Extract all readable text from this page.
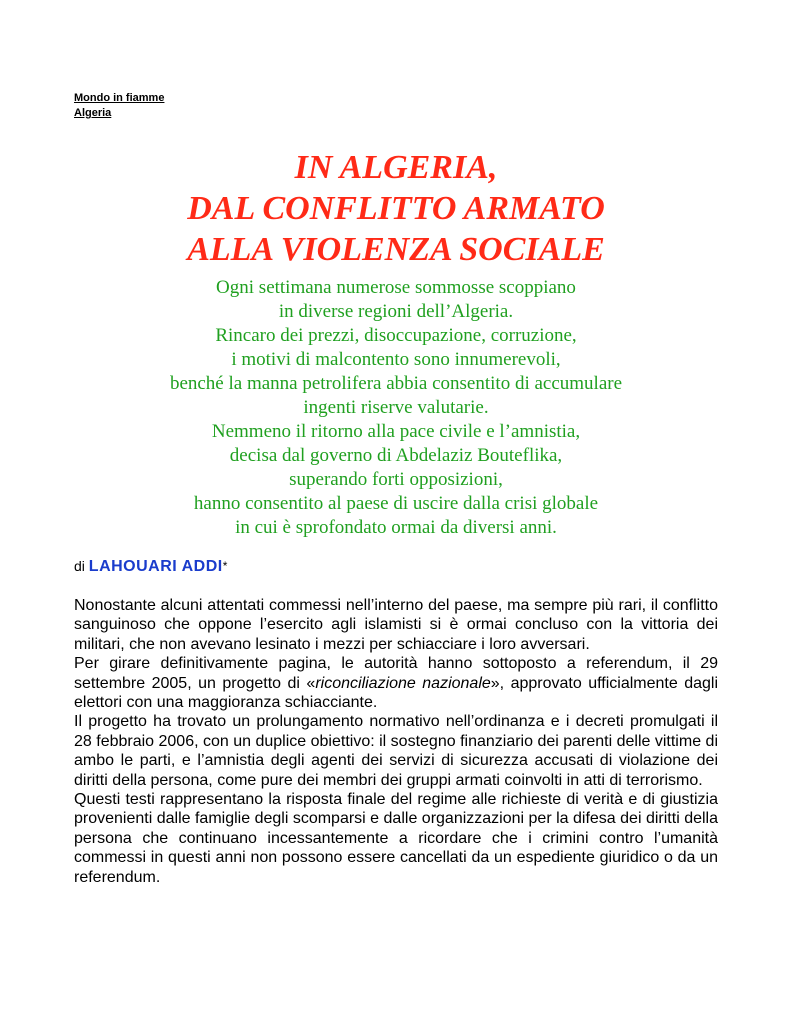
Mondo in fiamme
Algeria
IN ALGERIA,
DAL CONFLITTO ARMATO
ALLA VIOLENZA SOCIALE
Ogni settimana numerose sommosse scoppiano
in diverse regioni dell’Algeria.
Rincaro dei prezzi, disoccupazione, corruzione,
i motivi di malcontento sono innumerevoli,
benché la manna petrolifera abbia consentito di accumulare
ingenti riserve valutarie.
Nemmeno il ritorno alla pace civile e l’amnistia,
decisa dal governo di Abdelaziz Bouteflika,
superando forti opposizioni,
hanno consentito al paese di uscire dalla crisi globale
in cui è sprofondato ormai da diversi anni.
di LAHOUARI ADDI*

Nonostante alcuni attentati commessi nell’interno del paese, ma sempre più rari, il conflitto sanguinoso che oppone l’esercito agli islamisti si è ormai concluso con la vittoria dei militari, che non avevano lesinato i mezzi per schiacciare i loro avversari.

Per girare definitivamente pagina, le autorità hanno sottoposto a referendum, il 29 settembre 2005, un progetto di «riconciliazione nazionale», approvato ufficialmente dagli elettori con una maggioranza schiacciante.

Il progetto ha trovato un prolungamento normativo nell’ordinanza e i decreti promulgati il 28 febbraio 2006, con un duplice obiettivo: il sostegno finanziario dei parenti delle vittime di ambo le parti, e l’amnistia degli agenti dei servizi di sicurezza accusati di violazione dei diritti della persona, come pure dei membri dei gruppi armati coinvolti in atti di terrorismo.

Questi testi rappresentano la risposta finale del regime alle richieste di verità e di giustizia provenienti dalle famiglie degli scomparsi e dalle organizzazioni per la difesa dei diritti della persona che continuano incessantemente a ricordare che i crimini contro l’umanità commessi in questi anni non possono essere cancellati da un espediente giuridico o da un referendum.
